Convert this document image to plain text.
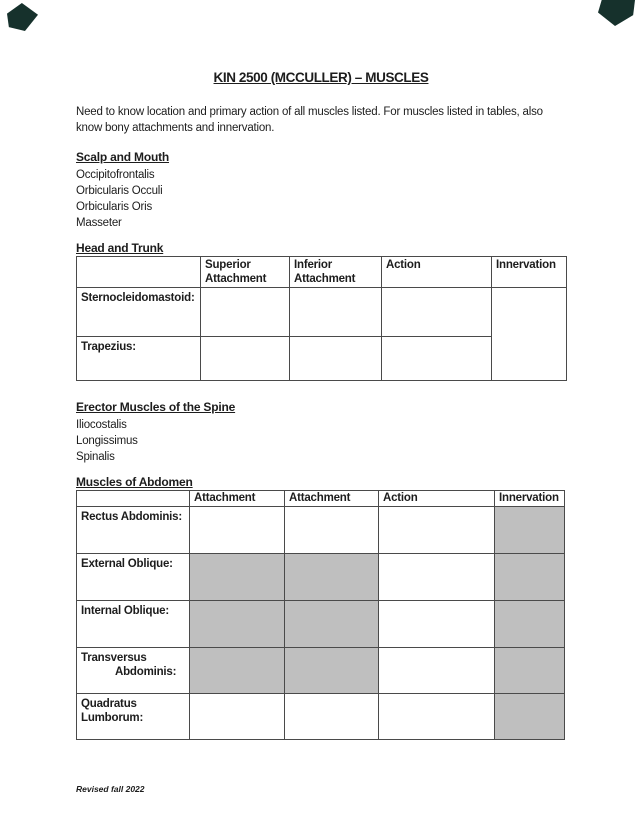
KIN 2500 (MCCULLER) – MUSCLES
Need to know location and primary action of all muscles listed. For muscles listed in tables, also
know bony attachments and innervation.
Scalp and Mouth
Occipitofrontalis
Orbicularis Occuli
Orbicularis Oris
Masseter
Head and Trunk
	Superior Attachment	Inferior Attachment	Action	Innervation
Sternocleidomastoid:				
Trapezius:				
Erector Muscles of the Spine
Iliocostalis
Longissimus
Spinalis
Muscles of Abdomen
	Attachment	Attachment	Action	Innervation
Rectus Abdominis:				
External Oblique:				
Internal Oblique:				
Transversus
Abdominis:				
Quadratus
Lumborum:				
Revised fall 2022
